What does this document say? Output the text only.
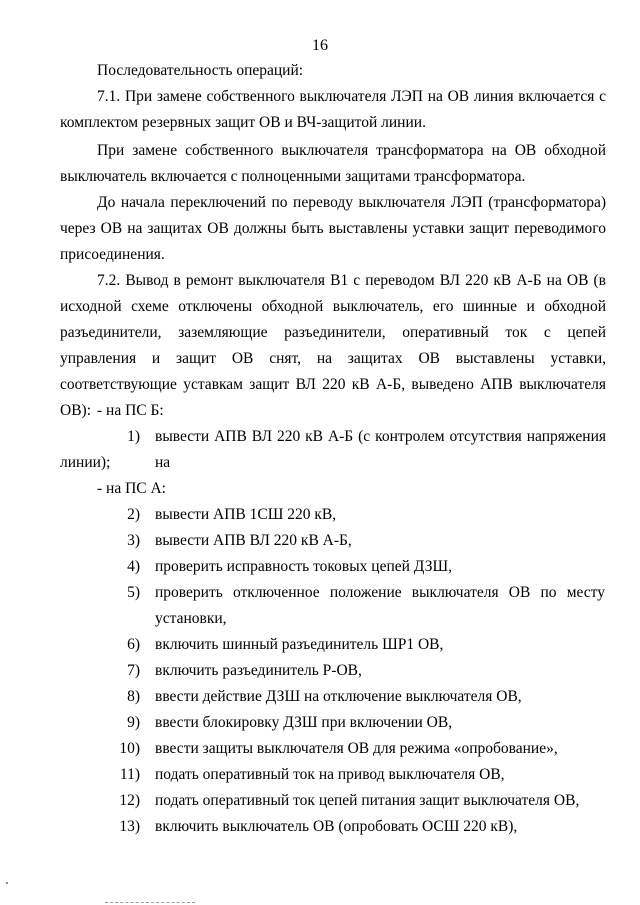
16
Последовательность операций:

7.1. При замене собственного выключателя ЛЭП на ОВ линия включается с комплектом резервных защит ОВ и ВЧ-защитой линии.

При замене собственного выключателя трансформатора на ОВ обходной выключатель включается с полноценными защитами трансформатора.

До начала переключений по переводу выключателя ЛЭП (трансформатора) через ОВ на защитах ОВ должны быть выставлены уставки защит переводимого присоединения.

7.2. Вывод в ремонт выключателя В1 с переводом ВЛ 220 кВ А-Б на ОВ (в исходной схеме отключены обходной выключатель, его шинные и обходной разъединители, заземляющие разъединители, оперативный ток с цепей управления и защит ОВ снят, на защитах ОВ выставлены уставки, соответствующие уставкам защит ВЛ 220 кВ А-Б, выведено АПВ выключателя ОВ): - на ПС Б:
1) вывести АПВ ВЛ 220 кВ А-Б (с контролем отсутствия напряжения на
линии);
- на ПС А:
2) вывести АПВ 1СШ 220 кВ,
3) вывести АПВ ВЛ 220 кВ А-Б,
4) проверить исправность токовых цепей ДЗШ,
5) проверить отключенное положение выключателя ОВ по месту
установки,
6) включить шинный разъединитель ШР1 ОВ,
7) включить разъединитель Р-ОВ,
8) ввести действие ДЗШ на отключение выключателя ОВ,
9) ввести блокировку ДЗШ при включении ОВ,
10) ввести защиты выключателя ОВ для режима «опробование»,
11) подать оперативный ток на привод выключателя ОВ,
12) подать оперативный ток цепей питания защит выключателя ОВ,
13) включить выключатель ОВ (опробовать ОСШ 220 кВ),
